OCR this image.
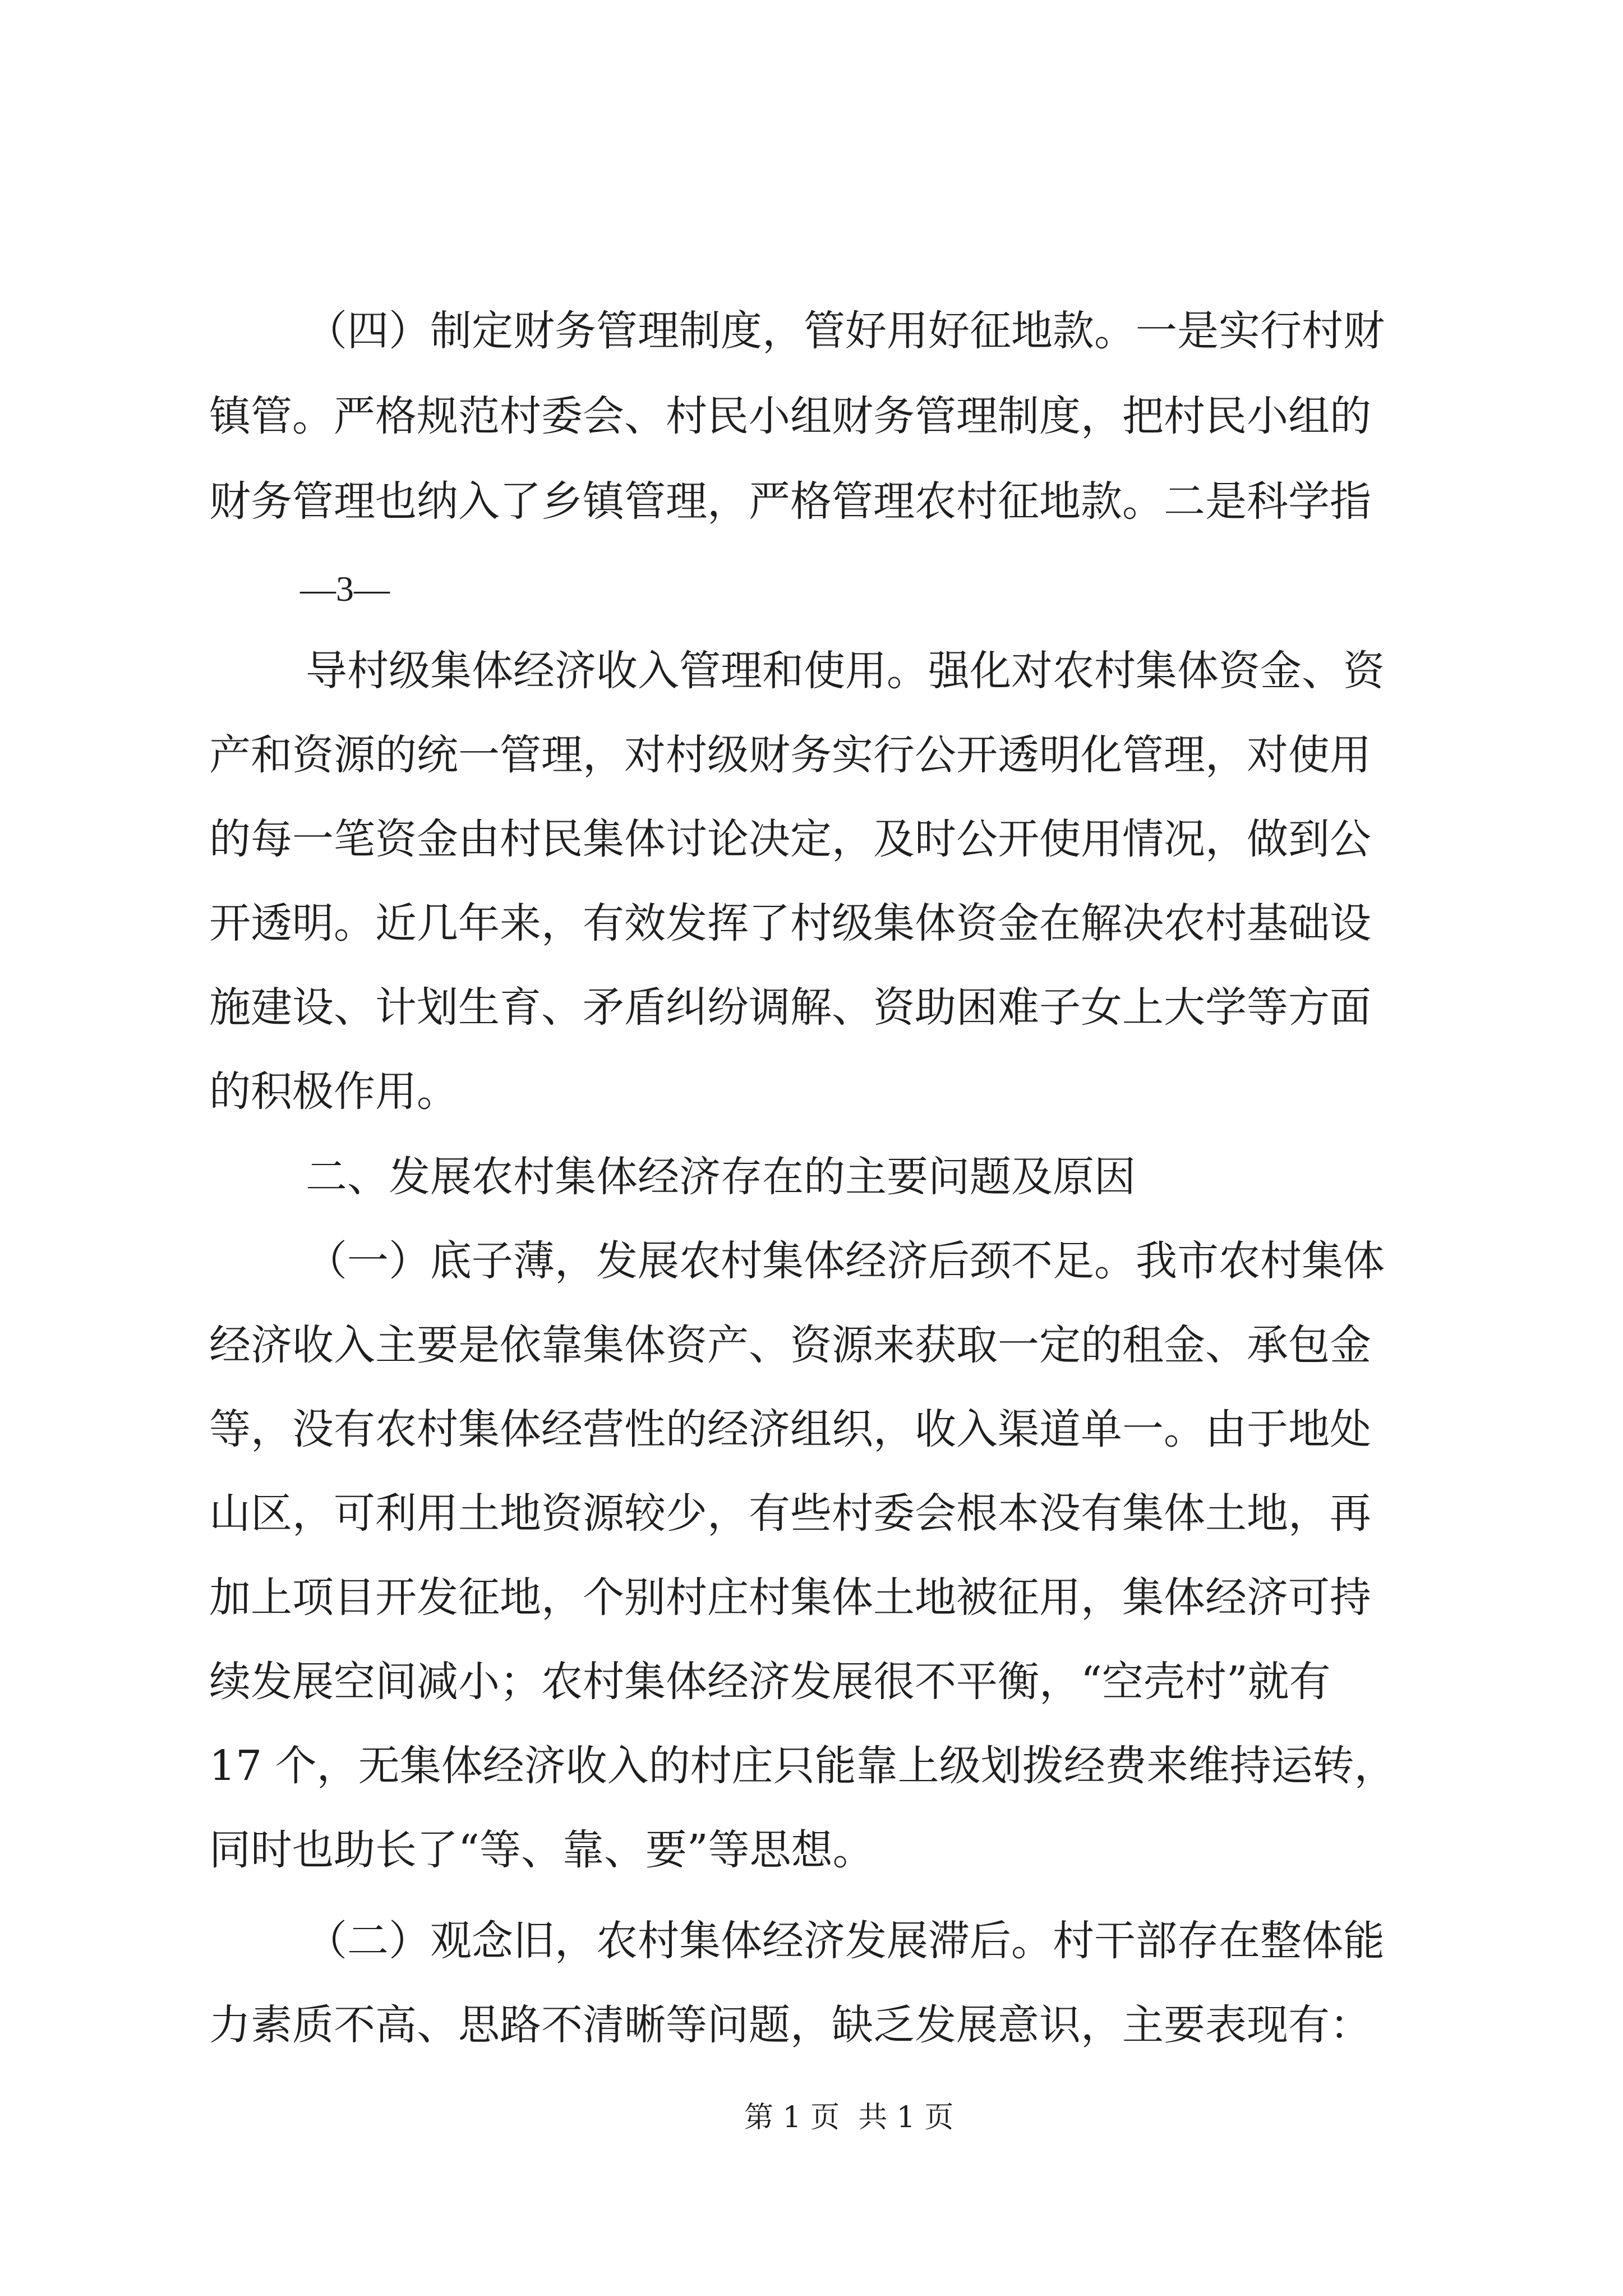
（四）制定财务管理制度，管好用好征地款。一是实行村财
镇管。严格规范村委会、村民小组财务管理制度，把村民小组的
财务管理也纳入了乡镇管理，严格管理农村征地款。二是科学指
—3—
导村级集体经济收入管理和使用。强化对农村集体资金、资
产和资源的统一管理，对村级财务实行公开透明化管理，对使用
的每一笔资金由村民集体讨论决定，及时公开使用情况，做到公
开透明。近几年来，有效发挥了村级集体资金在解决农村基础设
施建设、计划生育、矛盾纠纷调解、资助困难子女上大学等方面
的积极作用。
二、发展农村集体经济存在的主要问题及原因
（一）底子薄，发展农村集体经济后颈不足。我市农村集体
经济收入主要是依靠集体资产、资源来获取一定的租金、承包金
等，没有农村集体经营性的经济组织，收入渠道单一。由于地处
山区，可利用土地资源较少，有些村委会根本没有集体土地，再
加上项目开发征地，个别村庄村集体土地被征用，集体经济可持
续发展空间减小；农村集体经济发展很不平衡，“空壳村”就有
17 个，无集体经济收入的村庄只能靠上级划拨经费来维持运转，
同时也助长了“等、靠、要”等思想。
（二）观念旧，农村集体经济发展滞后。村干部存在整体能
力素质不高、思路不清晰等问题，缺乏发展意识，主要表现有：
第 1 页  共 1 页
